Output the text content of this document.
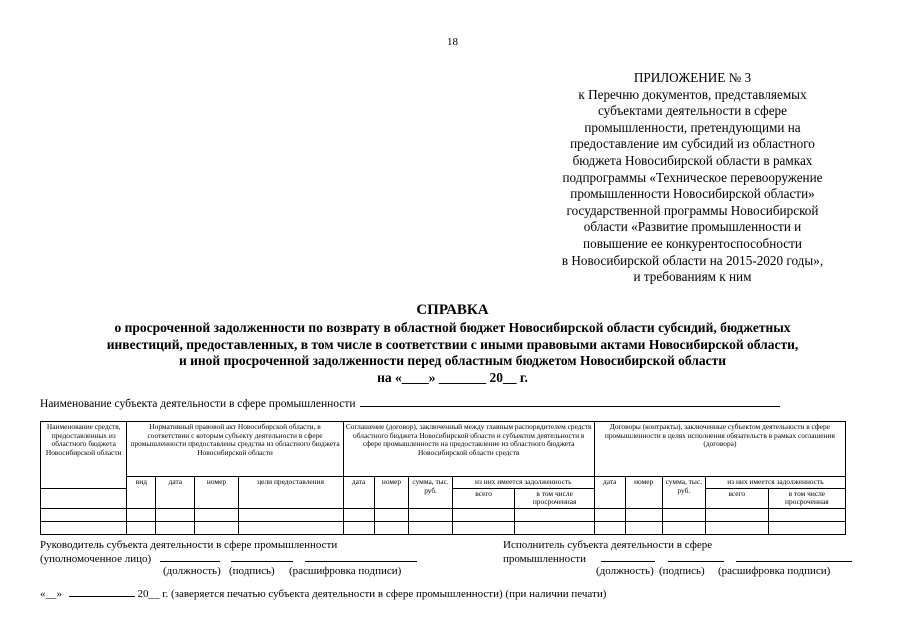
18
ПРИЛОЖЕНИЕ № 3
к Перечню документов, представляемых
субъектами деятельности в сфере
промышленности, претендующими на
предоставление им субсидий из областного
бюджета Новосибирской области в рамках
подпрограммы «Техническое перевооружение
промышленности Новосибирской области»
государственной программы Новосибирской
области «Развитие промышленности и
повышение ее конкурентоспособности
в Новосибирской области на 2015-2020 годы»,
и требованиям к ним
СПРАВКА
о просроченной задолженности по возврату в областной бюджет Новосибирской области субсидий, бюджетных
инвестиций, предоставленных, в том числе в соответствии с иными правовыми актами Новосибирской области,
и иной просроченной задолженности перед областным бюджетом Новосибирской области
на «____» _______ 20__ г.
Наименование субъекта деятельности в сфере промышленности
Наименование средств, предоставленных из областного бюджета Новосибирской области	Нормативный правовой акт Новосибирской области, в соответствии с которым субъекту деятельности в сфере промышленности предоставлены средства из областного бюджета Новосибирской области				Соглашение (договор), заключенный между главным распорядителем средств областного бюджета Новосибирской области и субъектом деятельности в сфере промышленности на предоставление из областного бюджета Новосибирской области средств					Договоры (контракты), заключенные субъектом деятельности в сфере промышленности в целях исполнения обязательств в рамках соглашения (договора)				
	вид	дата	номер	цели предоставления	дата	номер	сумма, тыс. руб.	из них имеется задолженность		дата	номер	сумма, тыс. руб.	из них имеется задолженность	
								всего	в том числе просроченная				всего	в том числе просроченная

Руководитель субъекта деятельности в сфере промышленности
(уполномоченное лицо)
(должность) (подпись) (расшифровка подписи)
Исполнитель субъекта деятельности в сфере
промышленности
(должность) (подпись) (расшифровка подписи)
«__»	20__ г. (заверяется печатью субъекта деятельности в сфере промышленности) (при наличии печати)
